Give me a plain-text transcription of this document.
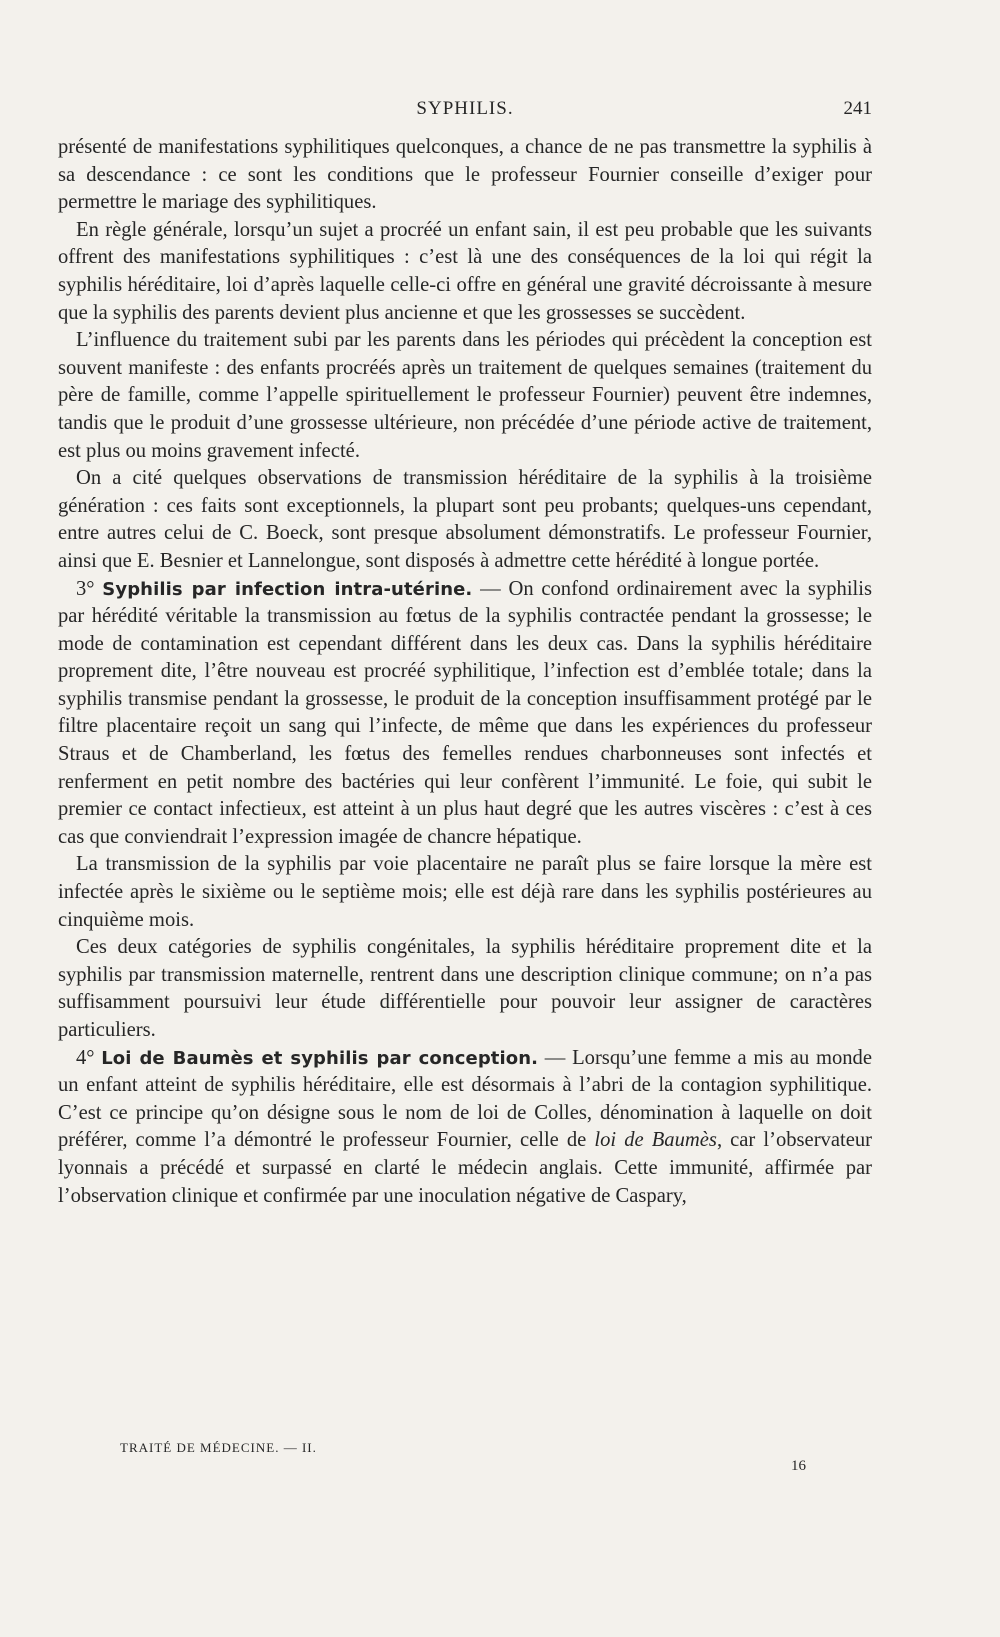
SYPHILIS.	241

présenté de manifestations syphilitiques quelconques, a chance de ne pas transmettre la syphilis à sa descendance : ce sont les conditions que le professeur Fournier conseille d’exiger pour permettre le mariage des syphilitiques.

En règle générale, lorsqu’un sujet a procréé un enfant sain, il est peu probable que les suivants offrent des manifestations syphilitiques : c’est là une des conséquences de la loi qui régit la syphilis héréditaire, loi d’après laquelle celle-ci offre en général une gravité décroissante à mesure que la syphilis des parents devient plus ancienne et que les grossesses se succèdent.

L’influence du traitement subi par les parents dans les périodes qui précèdent la conception est souvent manifeste : des enfants procréés après un traitement de quelques semaines (traitement du père de famille, comme l’appelle spirituellement le professeur Fournier) peuvent être indemnes, tandis que le produit d’une grossesse ultérieure, non précédée d’une période active de traitement, est plus ou moins gravement infecté.

On a cité quelques observations de transmission héréditaire de la syphilis à la troisième génération : ces faits sont exceptionnels, la plupart sont peu probants; quelques-uns cependant, entre autres celui de C. Boeck, sont presque absolument démonstratifs. Le professeur Fournier, ainsi que E. Besnier et Lannelongue, sont disposés à admettre cette hérédité à longue portée.

3° Syphilis par infection intra-utérine. — On confond ordinairement avec la syphilis par hérédité véritable la transmission au fœtus de la syphilis contractée pendant la grossesse; le mode de contamination est cependant différent dans les deux cas. Dans la syphilis héréditaire proprement dite, l’être nouveau est procréé syphilitique, l’infection est d’emblée totale; dans la syphilis transmise pendant la grossesse, le produit de la conception insuffisamment protégé par le filtre placentaire reçoit un sang qui l’infecte, de même que dans les expériences du professeur Straus et de Chamberland, les fœtus des femelles rendues charbonneuses sont infectés et renferment en petit nombre des bactéries qui leur confèrent l’immunité. Le foie, qui subit le premier ce contact infectieux, est atteint à un plus haut degré que les autres viscères : c’est à ces cas que conviendrait l’expression imagée de chancre hépatique.

La transmission de la syphilis par voie placentaire ne paraît plus se faire lorsque la mère est infectée après le sixième ou le septième mois; elle est déjà rare dans les syphilis postérieures au cinquième mois.

Ces deux catégories de syphilis congénitales, la syphilis héréditaire proprement dite et la syphilis par transmission maternelle, rentrent dans une description clinique commune; on n’a pas suffisamment poursuivi leur étude différentielle pour pouvoir leur assigner de caractères particuliers.

4° Loi de Baumès et syphilis par conception. — Lorsqu’une femme a mis au monde un enfant atteint de syphilis héréditaire, elle est désormais à l’abri de la contagion syphilitique. C’est ce principe qu’on désigne sous le nom de loi de Colles, dénomination à laquelle on doit préférer, comme l’a démontré le professeur Fournier, celle de loi de Baumès, car l’observateur lyonnais a précédé et surpassé en clarté le médecin anglais. Cette immunité, affirmée par l’observation clinique et confirmée par une inoculation négative de Caspary,

TRAITÉ DE MÉDECINE. — II.
16
